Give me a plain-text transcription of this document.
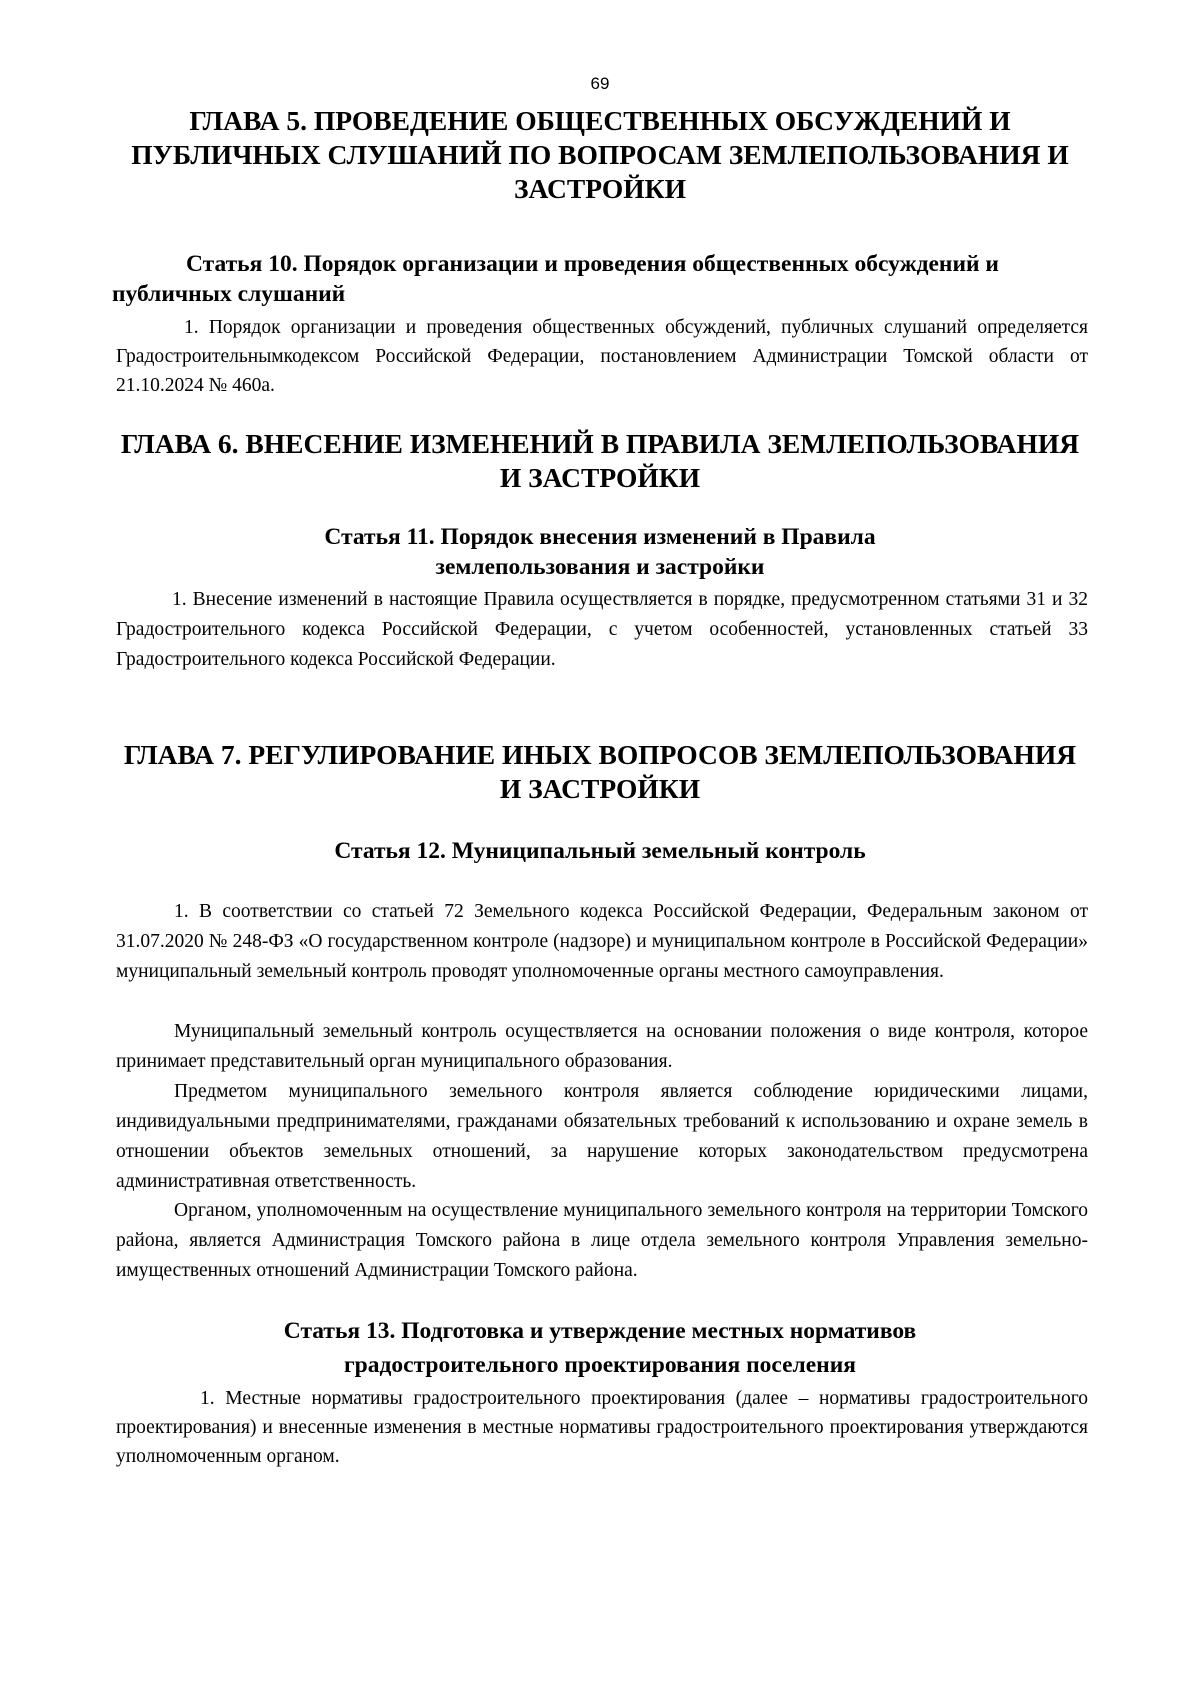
69

ГЛАВА 5. ПРОВЕДЕНИЕ ОБЩЕСТВЕННЫХ ОБСУЖДЕНИЙ И ПУБЛИЧНЫХ СЛУШАНИЙ ПО ВОПРОСАМ ЗЕМЛЕПОЛЬЗОВАНИЯ И ЗАСТРОЙКИ
Статья 10. Порядок организации и проведения общественных обсуждений и публичных слушаний

1. Порядок организации и проведения общественных обсуждений, публичных слушаний определяется Градостроительнымкодексом Российской Федерации, постановлением Администрации Томской области от 21.10.2024 № 460а.

ГЛАВА 6. ВНЕСЕНИЕ ИЗМЕНЕНИЙ В ПРАВИЛА ЗЕМЛЕПОЛЬЗОВАНИЯ И ЗАСТРОЙКИ
Статья 11. Порядок внесения изменений в Правила землепользования и застройки

1. Внесение изменений в настоящие Правила осуществляется в порядке, предусмотренном статьями 31 и 32 Градостроительного кодекса Российской Федерации, с учетом особенностей, установленных статьей 33 Градостроительного кодекса Российской Федерации.

ГЛАВА 7. РЕГУЛИРОВАНИЕ ИНЫХ ВОПРОСОВ ЗЕМЛЕПОЛЬЗОВАНИЯ И ЗАСТРОЙКИ
Статья 12. Муниципальный земельный контроль

1. В соответствии со статьей 72 Земельного кодекса Российской Федерации, Федеральным законом от 31.07.2020 № 248-ФЗ «О государственном контроле (надзоре) и муниципальном контроле в Российской Федерации» муниципальный земельный контроль проводят уполномоченные органы местного самоуправления.

Муниципальный земельный контроль осуществляется на основании положения о виде контроля, которое принимает представительный орган муниципального образования.

Предметом муниципального земельного контроля является соблюдение юридическими лицами, индивидуальными предпринимателями, гражданами обязательных требований к использованию и охране земель в отношении объектов земельных отношений, за нарушение которых законодательством предусмотрена административная ответственность.

Органом, уполномоченным на осуществление муниципального земельного контроля на территории Томского района, является Администрация Томского района в лице отдела земельного контроля Управления земельно-имущественных отношений Администрации Томского района.

Статья 13. Подготовка и утверждение местных нормативов градостроительного проектирования поселения

1. Местные нормативы градостроительного проектирования (далее – нормативы градостроительного проектирования) и внесенные изменения в местные нормативы градостроительного проектирования утверждаются уполномоченным органом.
